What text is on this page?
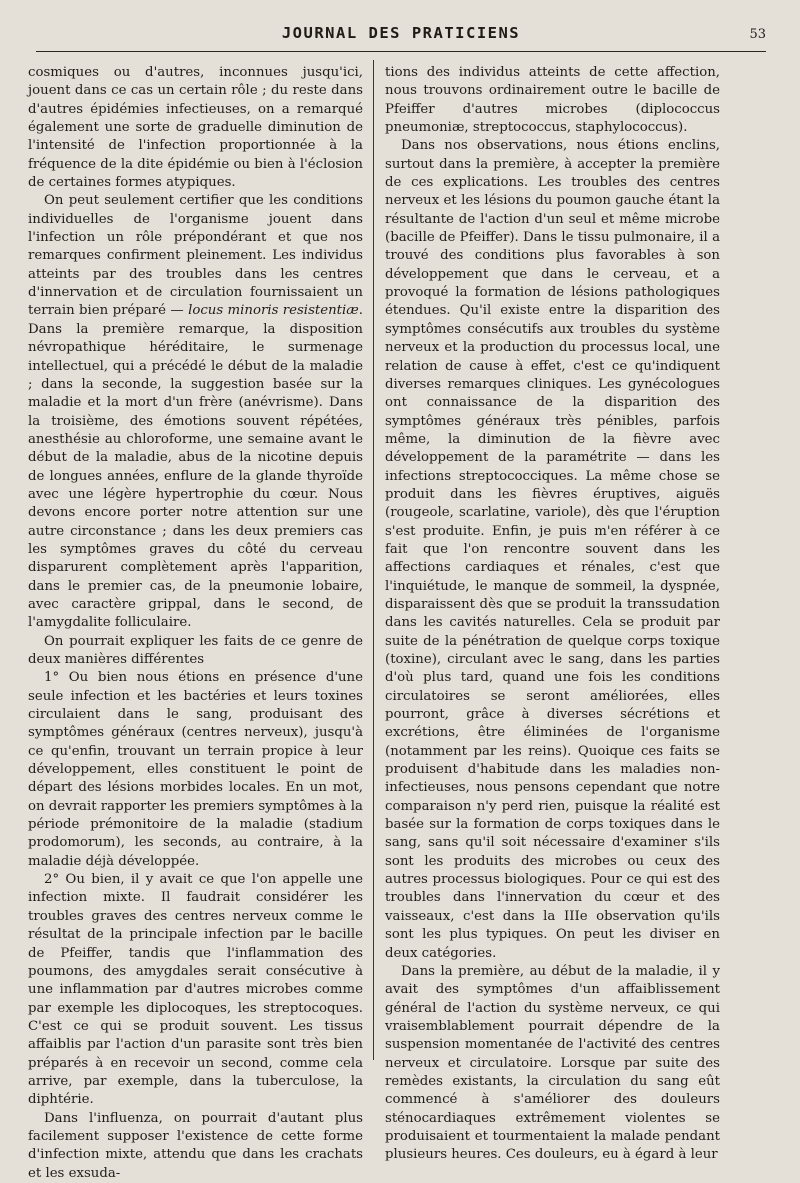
JOURNAL DES PRATICIENS	53

cosmiques ou d'autres, inconnues jusqu'ici, jouent dans ce cas un certain rôle ; du reste dans d'autres épidémies infectieuses, on a remarqué également une sorte de graduelle diminution de l'intensité de l'infection proportionnée à la fréquence de la dite épidémie ou bien à l'éclosion de certaines formes atypiques.

On peut seulement certifier que les conditions individuelles de l'organisme jouent dans l'infection un rôle prépondérant et que nos remarques confirment pleinement. Les individus atteints par des troubles dans les centres d'innervation et de circulation fournissaient un terrain bien préparé — locus minoris resistentiæ. Dans la première remarque, la disposition névropathique héréditaire, le surmenage intellectuel, qui a précédé le début de la maladie ; dans la seconde, la suggestion basée sur la maladie et la mort d'un frère (anévrisme). Dans la troisième, des émotions souvent répétées, anesthésie au chloroforme, une semaine avant le début de la maladie, abus de la nicotine depuis de longues années, enflure de la glande thyroïde avec une légère hypertrophie du cœur. Nous devons encore porter notre attention sur une autre circonstance ; dans les deux premiers cas les symptômes graves du côté du cerveau disparurent complètement après l'apparition, dans le premier cas, de la pneumonie lobaire, avec caractère grippal, dans le second, de l'amygdalite folliculaire.

On pourrait expliquer les faits de ce genre de deux manières différentes

1° Ou bien nous étions en présence d'une seule infection et les bactéries et leurs toxines circulaient dans le sang, produisant des symptômes généraux (centres nerveux), jusqu'à ce qu'enfin, trouvant un terrain propice à leur développement, elles constituent le point de départ des lésions morbides locales. En un mot, on devrait rapporter les premiers symptômes à la période prémonitoire de la maladie (stadium prodomorum), les seconds, au contraire, à la maladie déjà développée.

2° Ou bien, il y avait ce que l'on appelle une infection mixte. Il faudrait considérer les troubles graves des centres nerveux comme le résultat de la principale infection par le bacille de Pfeiffer, tandis que l'inflammation des poumons, des amygdales serait consécutive à une inflammation par d'autres microbes comme par exemple les diplocoques, les streptocoques. C'est ce qui se produit souvent. Les tissus affaiblis par l'action d'un parasite sont très bien préparés à en recevoir un second, comme cela arrive, par exemple, dans la tuberculose, la diphtérie.

Dans l'influenza, on pourrait d'autant plus facilement supposer l'existence de cette forme d'infection mixte, attendu que dans les crachats et les exsuda-

tions des individus atteints de cette affection, nous trouvons ordinairement outre le bacille de Pfeiffer d'autres microbes (diplococcus pneumoniæ, streptococcus, staphylococcus).

Dans nos observations, nous étions enclins, surtout dans la première, à accepter la première de ces explications. Les troubles des centres nerveux et les lésions du poumon gauche étant la résultante de l'action d'un seul et même microbe (bacille de Pfeiffer). Dans le tissu pulmonaire, il a trouvé des conditions plus favorables à son développement que dans le cerveau, et a provoqué la formation de lésions pathologiques étendues. Qu'il existe entre la disparition des symptômes consécutifs aux troubles du système nerveux et la production du processus local, une relation de cause à effet, c'est ce qu'indiquent diverses remarques cliniques. Les gynécologues ont connaissance de la disparition des symptômes généraux très pénibles, parfois même, la diminution de la fièvre avec développement de la paramétrite — dans les infections streptococciques. La même chose se produit dans les fièvres éruptives, aiguës (rougeole, scarlatine, variole), dès que l'éruption s'est produite. Enfin, je puis m'en référer à ce fait que l'on rencontre souvent dans les affections cardiaques et rénales, c'est que l'inquiétude, le manque de sommeil, la dyspnée, disparaissent dès que se produit la transsudation dans les cavités naturelles. Cela se produit par suite de la pénétration de quelque corps toxique (toxine), circulant avec le sang, dans les parties d'où plus tard, quand une fois les conditions circulatoires se seront améliorées, elles pourront, grâce à diverses sécrétions et excrétions, être éliminées de l'organisme (notamment par les reins). Quoique ces faits se produisent d'habitude dans les maladies non-infectieuses, nous pensons cependant que notre comparaison n'y perd rien, puisque la réalité est basée sur la formation de corps toxiques dans le sang, sans qu'il soit nécessaire d'examiner s'ils sont les produits des microbes ou ceux des autres processus biologiques. Pour ce qui est des troubles dans l'innervation du cœur et des vaisseaux, c'est dans la IIIe observation qu'ils sont les plus typiques. On peut les diviser en deux catégories.

Dans la première, au début de la maladie, il y avait des symptômes d'un affaiblissement général de l'action du système nerveux, ce qui vraisemblablement pourrait dépendre de la suspension momentanée de l'activité des centres nerveux et circulatoire. Lorsque par suite des remèdes existants, la circulation du sang eût commencé à s'améliorer des douleurs sténocardiaques extrêmement violentes se produisaient et tourmentaient la malade pendant plusieurs heures. Ces douleurs, eu à égard à leur
